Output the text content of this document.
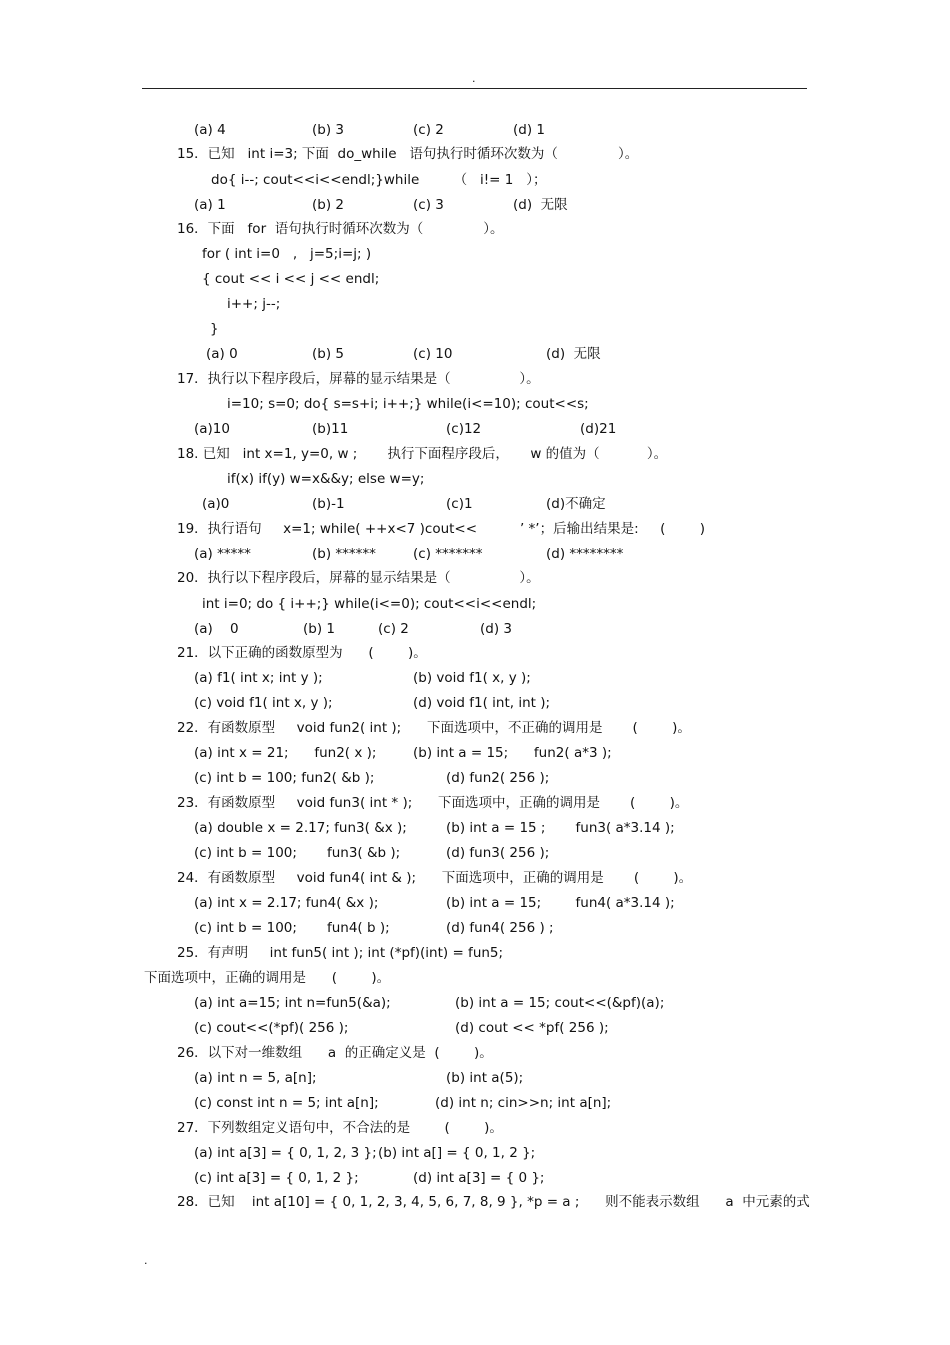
.
(a) 4	(b) 3	(c) 2	(d) 1
15．已知   int i=3; 下面  do_while   语句执行时循环次数为（              ）。
do{ i--; cout<<i<<endl;}while        （   i!= 1   ）；
(a) 1	(b) 2	(c) 3	(d)  无限
16．下面   for  语句执行时循环次数为（              ）。
for ( int i=0   ,   j=5;i=j; )
{ cout << i << j << endl;
i++; j--;
}
(a) 0	(b) 5	(c) 10	(d)  无限
17．执行以下程序段后，屏幕的显示结果是（                ）。
i=10; s=0; do{ s=s+i; i++;} while(i<=10); cout<<s;
(a)10	(b)11	(c)12	(d)21
18. 已知   int x=1, y=0, w ;       执行下面程序段后，     w 的值为（           ）。
if(x) if(y) w=x&&y; else w=y;
(a)0	(b)-1	(c)1	(d)不确定
19．执行语句     x=1; while( ++x<7 )cout<<          ’ *’；后输出结果是:     (        )
(a) *****	(b) ******	(c) *******	(d) ********
20．执行以下程序段后，屏幕的显示结果是（                ）。
int i=0; do { i++;} while(i<=0); cout<<i<<endl;
(a)    0	(b) 1	(c) 2	(d) 3
21．以下正确的函数原型为      (        )。
(a) f1( int x; int y );	(b) void f1( x, y );
(c) void f1( int x, y );	(d) void f1( int, int );
22．有函数原型     void fun2( int );      下面选项中，不正确的调用是       (        )。
(a) int x = 21;      fun2( x );	(b) int a = 15;      fun2( a*3 );
(c) int b = 100; fun2( &b );	(d) fun2( 256 );
23．有函数原型     void fun3( int * );      下面选项中，正确的调用是       (        )。
(a) double x = 2.17; fun3( &x );	(b) int a = 15 ;       fun3( a*3.14 );
(c) int b = 100;       fun3( &b );	(d) fun3( 256 );
24．有函数原型     void fun4( int & );      下面选项中，正确的调用是       (        )。
(a) int x = 2.17; fun4( &x );	(b) int a = 15;        fun4( a*3.14 );
(c) int b = 100;       fun4( b );	(d) fun4( 256 ) ;
25．有声明     int fun5( int ); int (*pf)(int) = fun5;
下面选项中，正确的调用是      (        )。
(a) int a=15; int n=fun5(&a);	(b) int a = 15; cout<<(&pf)(a);
(c) cout<<(*pf)( 256 );	(d) cout << *pf( 256 );
26．以下对一维数组      a  的正确定义是  (        )。
(a) int n = 5, a[n];	(b) int a(5);
(c) const int n = 5; int a[n];	(d) int n; cin>>n; int a[n];
27．下列数组定义语句中，不合法的是        (        )。
(a) int a[3] = { 0, 1, 2, 3 }; (b) int a[] = { 0, 1, 2 };
(c) int a[3] = { 0, 1, 2 };	(d) int a[3] = { 0 };
28．已知    int a[10] = { 0, 1, 2, 3, 4, 5, 6, 7, 8, 9 }, *p = a ;      则不能表示数组      a  中元素的式
.
